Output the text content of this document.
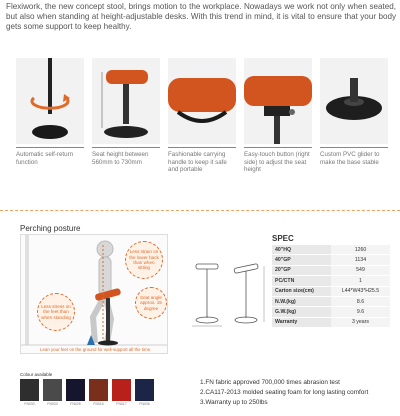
Flexiwork, the new concept stool, brings motion to the workplace. Nowadays we work not only when seated, but also when standing at height-adjustable desks. With this trend in mind, it is vital to ensure that your body gets some support to keep healthy.

Automatic self-return function

Seat height between 560mm to 730mm

Fashionable carrying handle to keep it safe and portable

Easy-touch button (right side) to adjust the seat height

Custom PVC glider to make the base stable

Perching posture
Less strain on the lower back than when sitting
Seat angle approx. 15 degree
Less stress on the feet than when standing
Lean your feet on the ground for well-support all the time.
SPEC
40"HQ	1260
40"GP	1134
20"GP	549
PC/CTN	1
Carton size(cm)	L44*W43*H25.5
N.W.(kg)	8.6
G.W.(kg)	9.6
Warranty	3 years
Colour available
FN030	FN033	FN025	FN016	FN017	FN036
1.FN fabric approved 700,000 times abrasion test
2.CA117-2013 molded seating foam for long lasting comfort
3.Warranty up to 250lbs
